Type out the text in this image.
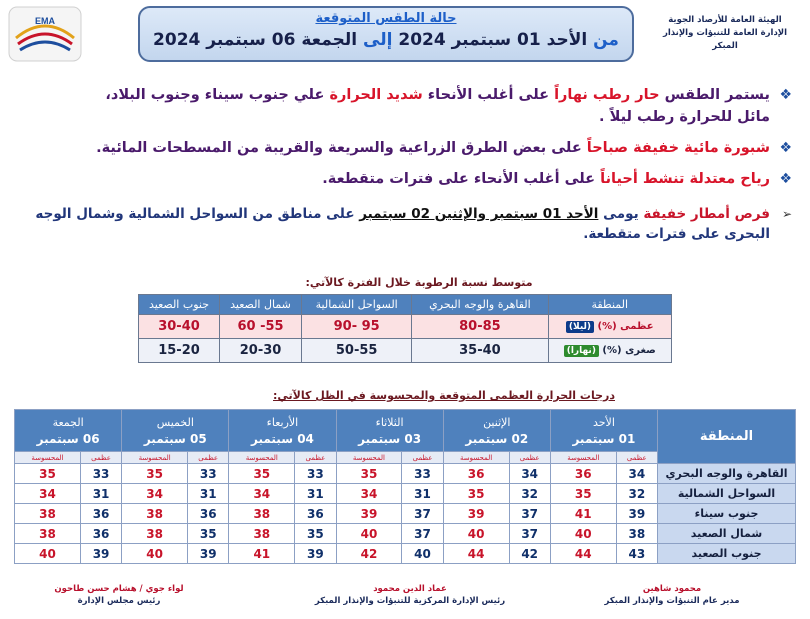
الهيئة العامة للأرصاد الجوية
الإدارة العامة للتنبؤات والإنذار المبكر
حالة الطقس المتوقعة
من الأحد 01 سبتمبر 2024 إلى الجمعة 06 سبتمبر 2024
EMA
❖
يستمر الطقس حار رطب نهاراً على أغلب الأنحاء شديد الحرارة علي جنوب سيناء وجنوب البلاد،
مائل للحرارة رطب ليلاً .
❖
شبورة مائية خفيفة صباحاً على بعض الطرق الزراعية والسريعة والقريبة من المسطحات المائية.
❖
رياح معتدلة تنشط أحياناً على أغلب الأنحاء على فترات متقطعة.
➢
فرص أمطار خفيفة يومى الأحد 01 سبتمبر والإثنين 02 سبتمبر على مناطق من السواحل الشمالية وشمال الوجه البحرى على فترات متقطعة.
متوسط نسبة الرطوبة خلال الفترة كالآتي:
المنطقة	القاهرة والوجه البحري	السواحل الشمالية	شمال الصعيد	جنوب الصعيد
عظمى (%) (ليلا)	80-85	95 -90	55- 60	30-40
صغرى (%) (نهارا)	35-40	50-55	20-30	15-20
درجات الحرارة العظمى المتوقعة والمحسوسة في الظل كالآتي:
المنطقة	الأحد

01 سبتمبر		الإثنين

02 سبتمبر		الثلاثاء

03 سبتمبر		الأربعاء

04 سبتمبر		الخميس

05 سبتمبر		الجمعة

06 سبتمبر	

	عظمى	المحسوسة	عظمى	المحسوسة	عظمى	المحسوسة	عظمى	المحسوسة	عظمى	المحسوسة	عظمى	المحسوسة
القاهرة والوجه البحري	34	36	34	36	33	35	33	35	33	35	33	35
السواحل الشمالية	32	35	32	35	31	34	31	34	31	34	31	34
جنوب سيناء	39	41	37	39	37	39	36	38	36	38	36	38
شمال الصعيد	38	40	37	40	37	40	35	38	35	38	36	38
جنوب الصعيد	43	44	42	44	40	42	39	41	39	40	39	40
محمود شاهين
مدير عام التنبؤات والإنذار المبكر
عماد الدين محمود
رئيس الإدارة المركزية للتنبؤات والإنذار المبكر
لواء جوي / هشام حسن طاحون
رئيس مجلس الإدارة
